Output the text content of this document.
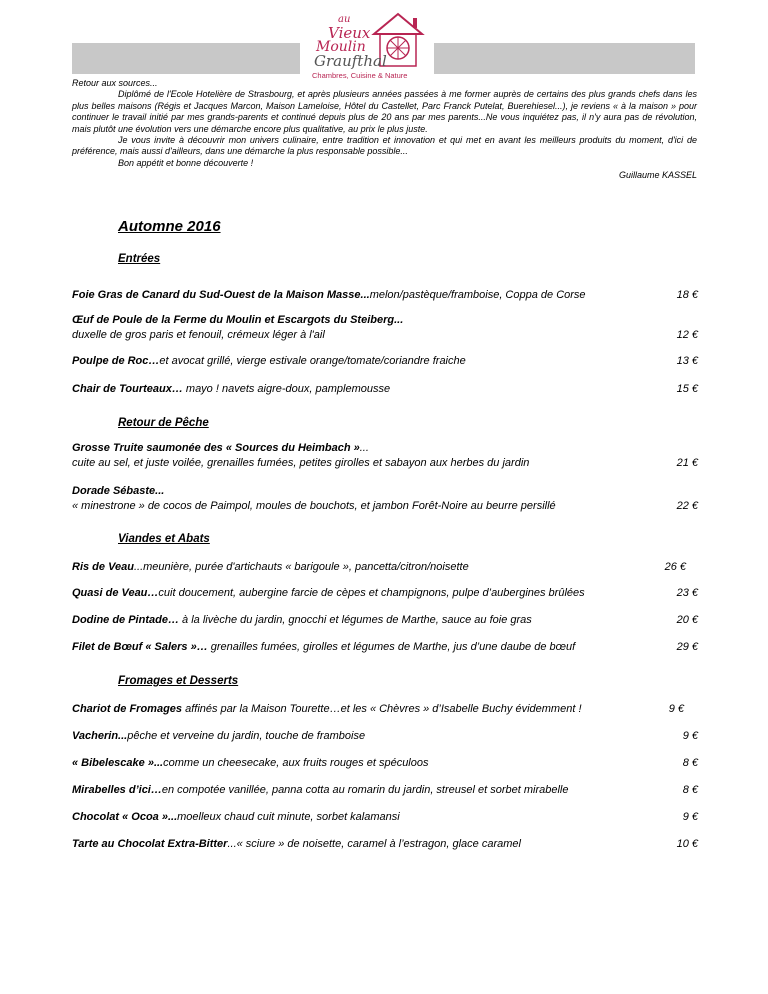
au
Vieux
Moulin
Graufthal
Chambres, Cuisine & Nature

Retour aux sources...

Diplômé de l'Ecole Hotelière de Strasbourg, et après plusieurs années passées à me former auprès de certains des plus grands chefs dans les plus belles maisons (Régis et Jacques Marcon, Maison Lameloise, Hôtel du Castellet, Parc Franck Putelat, Buerehiesel...), je reviens « à la maison » pour continuer le travail initié par mes grands-parents et continué depuis plus de 20 ans par mes parents...Ne vous inquiétez pas, il n'y aura pas de révolution, mais plutôt une évolution vers une démarche encore plus qualitative, au prix le plus juste.

Je vous invite à découvrir mon univers culinaire, entre tradition et innovation et qui met en avant les meilleurs produits du moment, d'ici de préférence, mais aussi d'ailleurs, dans une démarche la plus responsable possible...

Bon appétit et bonne découverte !

Guillaume KASSEL

Automne 2016
Entrées
Foie Gras de Canard du Sud-Ouest de la Maison Masse...melon/pastèque/framboise, Coppa de Corse	18 €
Œuf de Poule de la Ferme du Moulin et Escargots du Steiberg...
duxelle de gros paris et fenouil, crémeux léger à l'ail	12 €
Poulpe de Roc…et avocat grillé, vierge estivale orange/tomate/coriandre fraiche	13 €
Chair de Tourteaux… mayo ! navets aigre-doux, pamplemousse	15 €
Retour de Pêche
Grosse Truite saumonée des « Sources du Heimbach »...
cuite au sel, et juste voilée, grenailles fumées, petites girolles et sabayon aux herbes du jardin	21 €
Dorade Sébaste...
« minestrone » de cocos de Paimpol, moules de bouchots, et jambon Forêt-Noire au beurre persillé	22 €
Viandes et Abats
Ris de Veau...meunière, purée d'artichauts « barigoule », pancetta/citron/noisette	26 €
Quasi de Veau…cuit doucement, aubergine farcie de cèpes et champignons, pulpe d’aubergines brûlées	23 €
Dodine de Pintade… à la livèche du jardin, gnocchi et légumes de Marthe, sauce au foie gras	20 €
Filet de Bœuf « Salers »… grenailles fumées, girolles et légumes de Marthe, jus d’une daube de bœuf	29 €
Fromages et Desserts
Chariot de Fromages affinés par la Maison Tourette…et les « Chèvres » d’Isabelle Buchy évidemment !	9 €
Vacherin...pêche et verveine du jardin, touche de framboise	9 €
« Bibelescake »...comme un cheesecake, aux fruits rouges et spéculoos	8 €
Mirabelles d’ici…en compotée vanillée, panna cotta au romarin du jardin, streusel et sorbet mirabelle	8 €
Chocolat « Ocoa »...moelleux chaud cuit minute, sorbet kalamansi	9 €
Tarte au Chocolat Extra-Bitter...« sciure » de noisette, caramel à l’estragon, glace caramel	10 €
